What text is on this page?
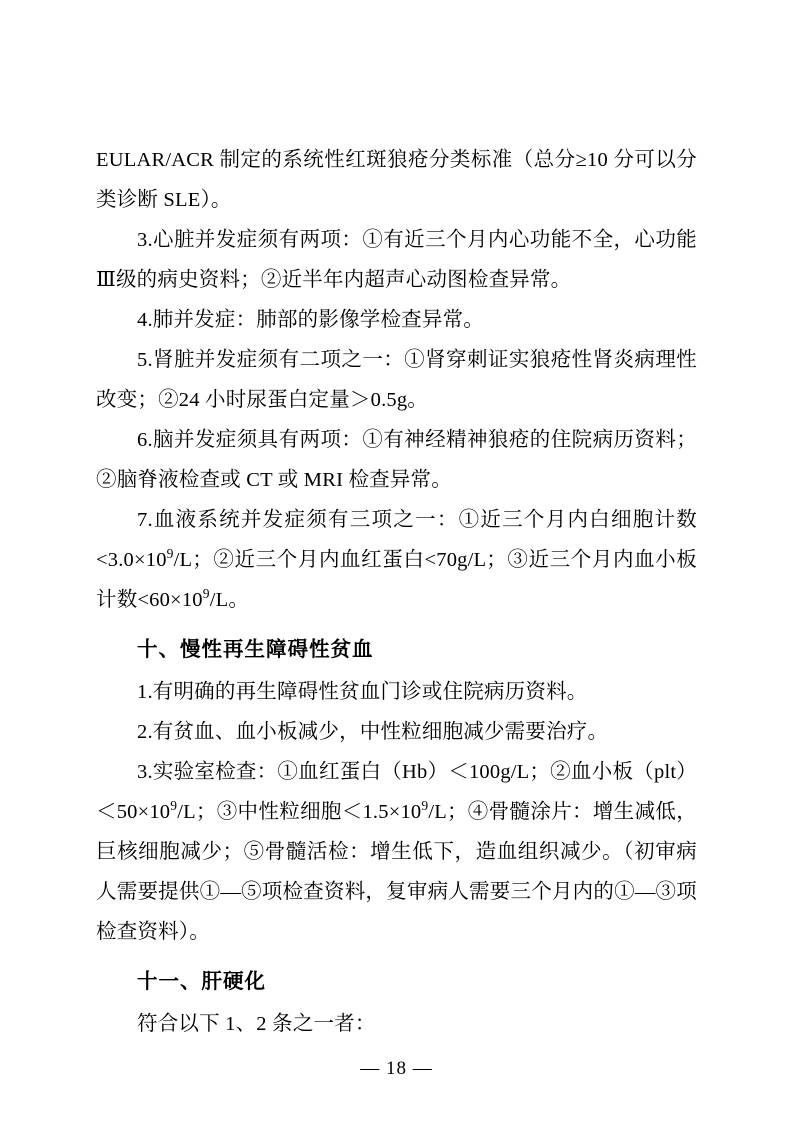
EULAR/ACR 制定的系统性红斑狼疮分类标准（总分≥10 分可以分类诊断 SLE）。

3.心脏并发症须有两项：①有近三个月内心功能不全，心功能Ⅲ级的病史资料；②近半年内超声心动图检查异常。

4.肺并发症：肺部的影像学检查异常。

5.肾脏并发症须有二项之一：①肾穿刺证实狼疮性肾炎病理性改变；②24 小时尿蛋白定量＞0.5g。

6.脑并发症须具有两项：①有神经精神狼疮的住院病历资料；②脑脊液检查或 CT 或 MRI 检查异常。

7.血液系统并发症须有三项之一：①近三个月内白细胞计数$<3.0\times 10^9/L$；②近三个月内血红蛋白<70g/L；③近三个月内血小板计数$<60\times 10^9/L$。

十、慢性再生障碍性贫血

1.有明确的再生障碍性贫血门诊或住院病历资料。

2.有贫血、血小板减少，中性粒细胞减少需要治疗。

3.实验室检查：①血红蛋白（Hb）＜100g/L；②血小板$(plt)<50\times 10^9/L$；③中性粒细胞$<1.5\times 10^9/L$；④骨髓涂片：增生减低，巨核细胞减少；⑤骨髓活检：增生低下，造血组织减少。（初审病人需要提供①—⑤项检查资料，复审病人需要三个月内的①—③项检查资料）。

十一、肝硬化

符合以下 1、2 条之一者：

— 18 —
